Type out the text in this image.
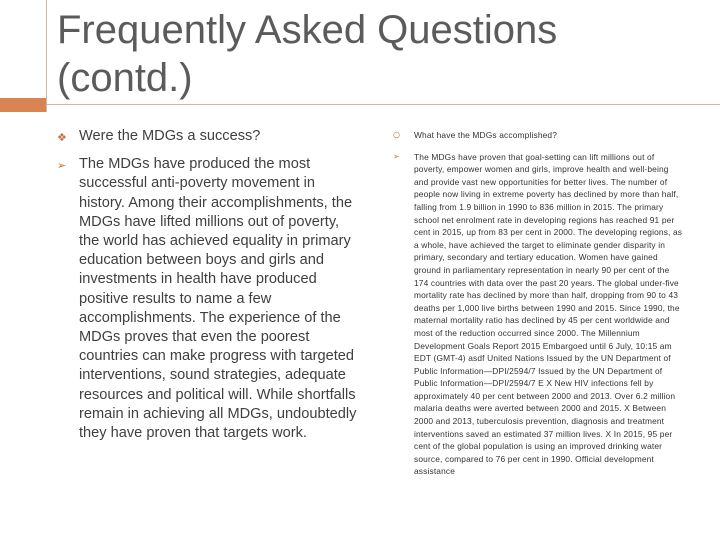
Frequently Asked Questions (contd.)
❖ Were the MDGs a success?
➢ The MDGs have produced the most successful anti-poverty movement in history. Among their accomplishments, the MDGs have lifted millions out of poverty, the world has achieved equality in primary education between boys and girls and investments in health have produced positive results to name a few accomplishments. The experience of the MDGs proves that even the poorest countries can make progress with targeted interventions, sound strategies, adequate resources and political will. While shortfalls remain in achieving all MDGs, undoubtedly they have proven that targets work.
○ What have the MDGs accomplished?
➢ The MDGs have proven that goal-setting can lift millions out of poverty, empower women and girls, improve health and well-being and provide vast new opportunities for better lives. The number of people now living in extreme poverty has declined by more than half, falling from 1.9 billion in 1990 to 836 million in 2015. The primary school net enrolment rate in developing regions has reached 91 per cent in 2015, up from 83 per cent in 2000. The developing regions, as a whole, have achieved the target to eliminate gender disparity in primary, secondary and tertiary education. Women have gained ground in parliamentary representation in nearly 90 per cent of the 174 countries with data over the past 20 years. The global under-five mortality rate has declined by more than half, dropping from 90 to 43 deaths per 1,000 live births between 1990 and 2015. Since 1990, the maternal mortality ratio has declined by 45 per cent worldwide and most of the reduction occurred since 2000. The Millennium Development Goals Report 2015 Embargoed until 6 July, 10:15 am EDT (GMT-4) asdf United Nations Issued by the UN Department of Public Information—DPI/2594/7 Issued by the UN Department of Public Information—DPI/2594/7 E X New HIV infections fell by approximately 40 per cent between 2000 and 2013. Over 6.2 million malaria deaths were averted between 2000 and 2015. X Between 2000 and 2013, tuberculosis prevention, diagnosis and treatment interventions saved an estimated 37 million lives. X In 2015, 95 per cent of the global population is using an improved drinking water source, compared to 76 per cent in 1990. Official development assistance
